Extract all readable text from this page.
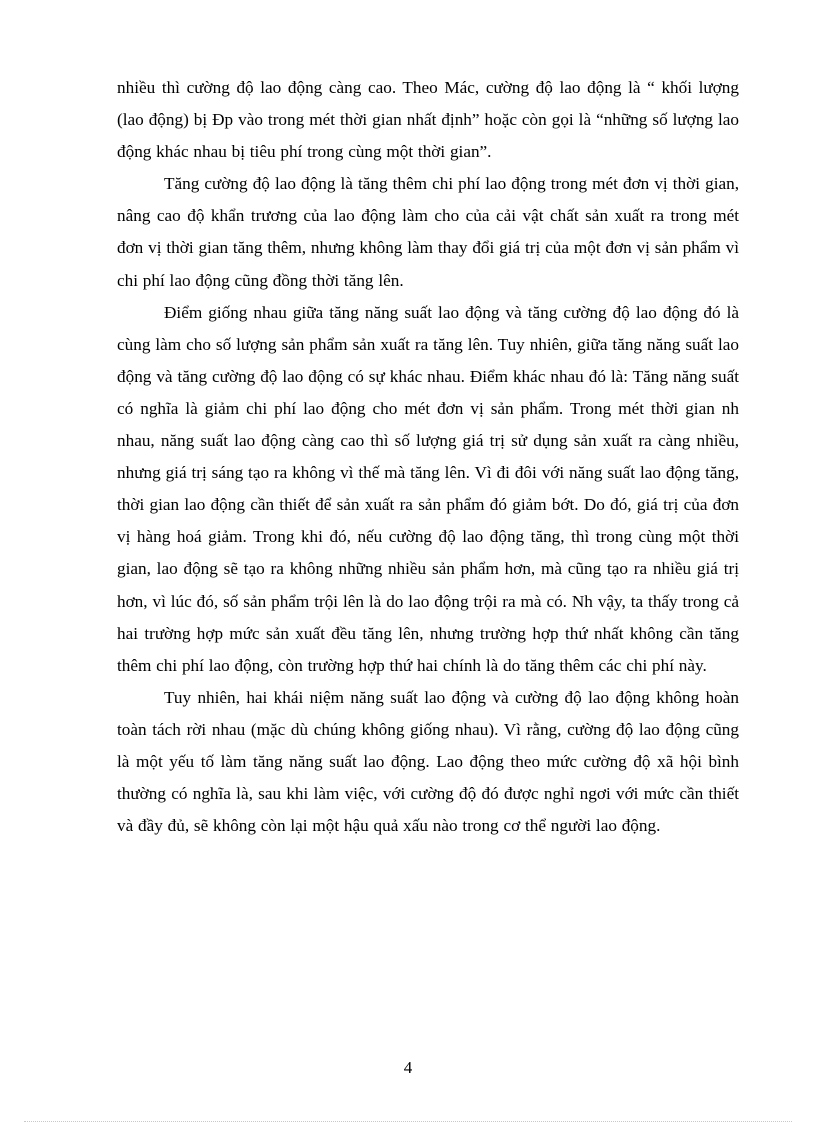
nhiều thì cường độ lao động càng cao. Theo Mác, cường độ lao động là “ khối lượng (lao động) bị Đp vào trong mét thời gian nhất định” hoặc còn gọi là “những số lượng lao động khác nhau bị tiêu phí trong cùng một thời gian”.

Tăng cường độ lao động là tăng thêm chi phí lao động trong mét đơn vị thời gian, nâng cao độ khẩn trương của lao động làm cho của cải vật chất sản xuất ra trong mét đơn vị thời gian tăng thêm, nhưng không làm thay đổi giá trị của một đơn vị sản phẩm vì chi phí lao động cũng đồng thời tăng lên.

Điểm giống nhau giữa tăng năng suất lao động và tăng cường độ lao động đó là cùng làm cho số lượng sản phẩm sản xuất ra tăng lên. Tuy nhiên, giữa tăng năng suất lao động và tăng cường độ lao động có sự khác nhau. Điểm khác nhau đó là: Tăng năng suất có nghĩa là giảm chi phí lao động cho mét đơn vị sản phẩm. Trong mét thời gian nh nhau, năng suất lao động càng cao thì số lượng giá trị sử dụng sản xuất ra càng nhiều, nhưng giá trị sáng tạo ra không vì thế mà tăng lên. Vì đi đôi với năng suất lao động tăng, thời gian lao động cần thiết để sản xuất ra sản phẩm đó giảm bớt. Do đó, giá trị của đơn vị hàng hoá giảm. Trong khi đó, nếu cường độ lao động tăng, thì trong cùng một thời gian, lao động sẽ tạo ra không những nhiều sản phẩm hơn, mà cũng tạo ra nhiều giá trị hơn, vì lúc đó, số sản phẩm trội lên là do lao động trội ra mà có. Nh vậy, ta thấy trong cả hai trường hợp mức sản xuất đều tăng lên, nhưng trường hợp thứ nhất không cần tăng thêm chi phí lao động, còn trường hợp thứ hai chính là do tăng thêm các chi phí này.

Tuy nhiên, hai khái niệm năng suất lao động và cường độ lao động không hoàn toàn tách rời nhau (mặc dù chúng không giống nhau). Vì rằng, cường độ lao động cũng là một yếu tố làm tăng năng suất lao động. Lao động theo mức cường độ xã hội bình thường có nghĩa là, sau khi làm việc, với cường độ đó được nghỉ ngơi với mức cần thiết và đầy đủ, sẽ không còn lại một hậu quả xấu nào trong cơ thể người lao động.

4
